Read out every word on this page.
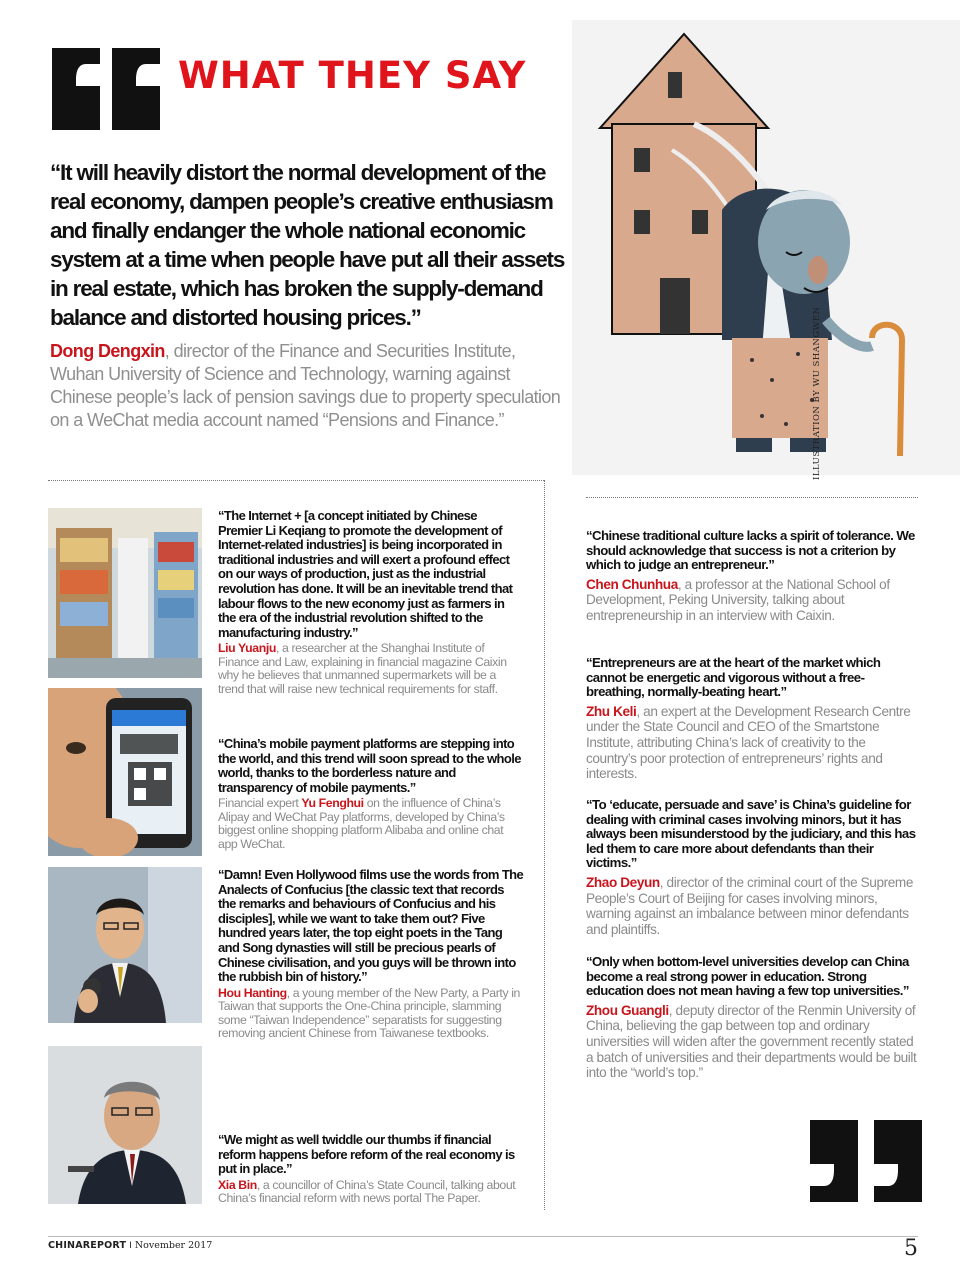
WHAT THEY SAY
“It will heavily distort the normal development of the real economy, dampen people’s creative enthusiasm and finally endanger the whole national economic system at a time when people have put all their assets in real estate, which has broken the supply-demand balance and distorted housing prices.”
Dong Dengxin, director of the Finance and Securities Institute, Wuhan University of Science and Technology, warning against Chinese people’s lack of pension savings due to property speculation on a WeChat media account named “Pensions and Finance.”	ILLUSTRATION BY WU SHANGWEN
“The Internet + [a concept initiated by Chinese Premier Li Keqiang to promote the development of Internet-related industries] is being incorporated in traditional industries and will exert a profound effect on our ways of production, just as the industrial revolution has done. It will be an inevitable trend that labour flows to the new economy just as farmers in the era of the industrial revolution shifted to the manufacturing industry.”
Liu Yuanju, a researcher at the Shanghai Institute of Finance and Law, explaining in financial magazine Caixin why he believes that unmanned supermarkets will be a trend that will raise new technical requirements for staff.
“China’s mobile payment platforms are stepping into the world, and this trend will soon spread to the whole world, thanks to the borderless nature and transparency of mobile payments.”
Financial expert Yu Fenghui on the influence of China’s Alipay and WeChat Pay platforms, developed by China’s biggest online shopping platform Alibaba and online chat app WeChat.
“Damn! Even Hollywood films use the words from The Analects of Confucius [the classic text that records the remarks and behaviours of Confucius and his disciples], while we want to take them out? Five hundred years later, the top eight poets in the Tang and Song dynasties will still be precious pearls of Chinese civilisation, and you guys will be thrown into the rubbish bin of history.”
Hou Hanting, a young member of the New Party, a Party in Taiwan that supports the One-China principle, slamming some “Taiwan Independence” separatists for suggesting removing ancient Chinese from Taiwanese textbooks.
“We might as well twiddle our thumbs if financial reform happens before reform of the real economy is put in place.”
Xia Bin, a councillor of China’s State Council, talking about China’s financial reform with news portal The Paper.
“Chinese traditional culture lacks a spirit of tolerance. We should acknowledge that success is not a criterion by which to judge an entrepreneur.”
Chen Chunhua, a professor at the National School of Development, Peking University, talking about entrepreneurship in an interview with Caixin.
“Entrepreneurs are at the heart of the market which cannot be energetic and vigorous without a free-breathing, normally-beating heart.”
Zhu Keli, an expert at the Development Research Centre under the State Council and CEO of the Smartstone Institute, attributing China’s lack of creativity to the country’s poor protection of entrepreneurs’ rights and interests.
“To ‘educate, persuade and save’ is China’s guideline for dealing with criminal cases involving minors, but it has always been misunderstood by the judiciary, and this has led them to care more about defendants than their victims.”
Zhao Deyun, director of the criminal court of the Supreme People’s Court of Beijing for cases involving minors, warning against an imbalance between minor defendants and plaintiffs.
“Only when bottom-level universities develop can China become a real strong power in education. Strong education does not mean having a few top universities.”
Zhou Guangli, deputy director of the Renmin University of China, believing the gap between top and ordinary universities will widen after the government recently stated a batch of universities and their departments would be built into the “world’s top.”
CHINAREPORT I November 2017	5
